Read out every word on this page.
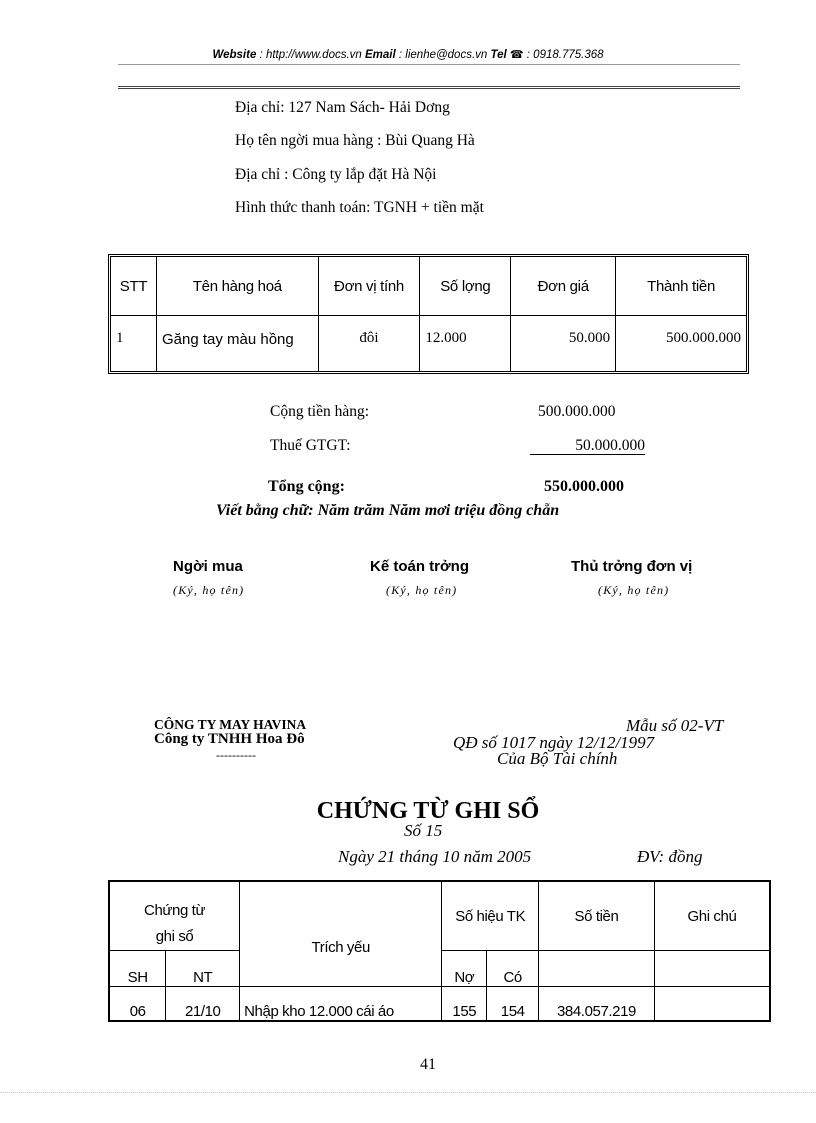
Website : http://www.docs.vn Email : lienhe@docs.vn Tel ☎ : 0918.775.368
Địa chỉ: 127 Nam Sách- Hải Dơng
Họ tên ngời mua hàng : Bùi Quang Hà
Địa chỉ : Công ty lắp đặt Hà Nội
Hình thức thanh toán: TGNH + tiền mặt
STT	Tên hàng hoá	Đơn vị tính	Số lợng	Đơn giá	Thành tiền
1	Găng tay màu hồng	đôi	12.000	50.000	500.000.000
Cộng tiền hàng:	500.000.000
Thuế GTGT:	50.000.000
Tổng cộng:	550.000.000
Viết bằng chữ: Năm trăm Năm mơi triệu đồng chẵn
Ngời mua
(Ký, họ tên)
Kế toán trởng
(Ký, họ tên)
Thủ trởng đơn vị
(Ký, họ tên)
CÔNG TY MAY HAVINA
Công ty TNHH Hoa Đô
----------
Mẫu số 02-VT
QĐ số 1017 ngày 12/12/1997
Của Bộ Tài chính
CHỨNG TỪ GHI SỔ
Số 15
Ngày 21 tháng 10 năm 2005	ĐV: đồng
Chứng từ
ghi sổ		Trích yếu	Số hiệu TK		Số tiền	Ghi chú
SH	NT		Nợ	Có		
06	21/10	Nhập kho 12.000 cái áo	155	154	384.057.219	
41
